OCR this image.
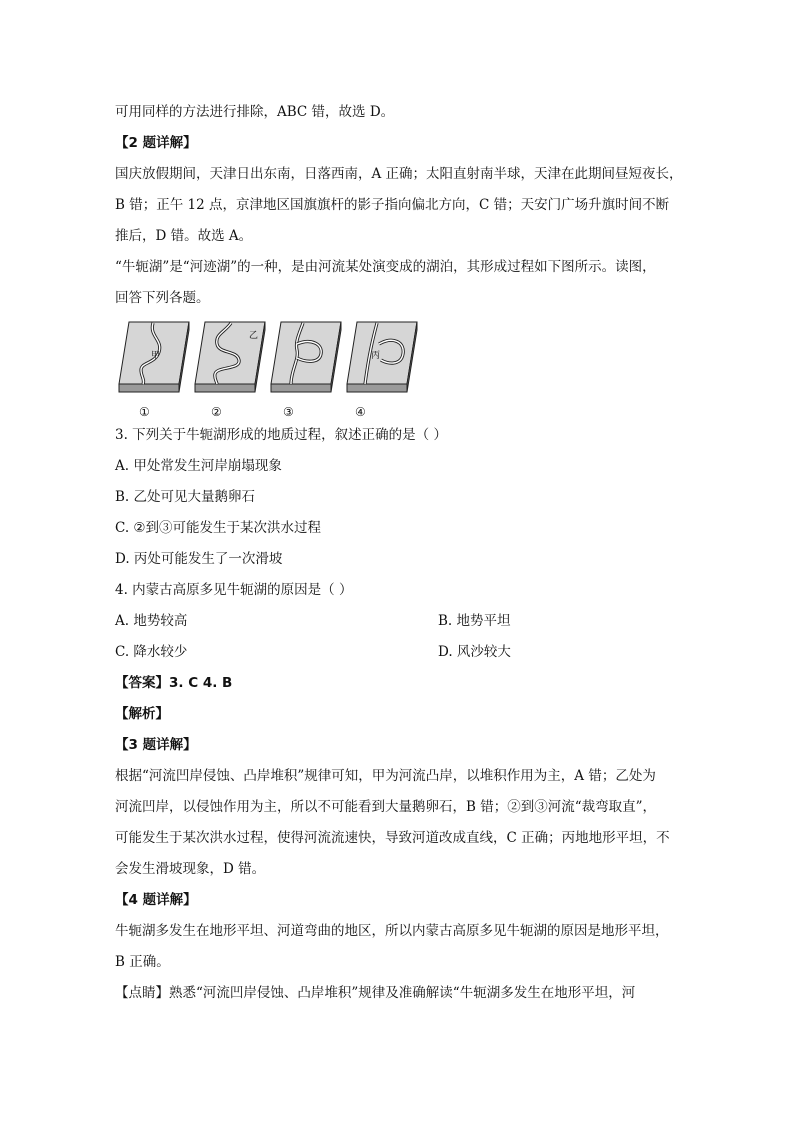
可用同样的方法进行排除，ABC 错，故选 D。
【2 题详解】
国庆放假期间，天津日出东南，日落西南，A 正确；太阳直射南半球，天津在此期间昼短夜长，
B 错；正午 12 点，京津地区国旗旗杆的影子指向偏北方向，C 错；天安门广场升旗时间不断
推后，D 错。故选 A。
“牛轭湖”是“河迹湖”的一种，是由河流某处演变成的湖泊，其形成过程如下图所示。读图，
回答下列各题。
甲
乙
丙
①	②	③	④
3. 下列关于牛轭湖形成的地质过程，叙述正确的是（ ）
A. 甲处常发生河岸崩塌现象
B. 乙处可见大量鹅卵石
C. ②到③可能发生于某次洪水过程
D. 丙处可能发生了一次滑坡
4. 内蒙古高原多见牛轭湖的原因是（ ）
A. 地势较高	B. 地势平坦
C. 降水较少	D. 风沙较大
【答案】3. C 4. B
【解析】
【3 题详解】
根据“河流凹岸侵蚀、凸岸堆积”规律可知，甲为河流凸岸，以堆积作用为主，A 错；乙处为
河流凹岸，以侵蚀作用为主，所以不可能看到大量鹅卵石，B 错；②到③河流“裁弯取直”，
可能发生于某次洪水过程，使得河流流速快，导致河道改成直线，C 正确；丙地地形平坦，不
会发生滑坡现象，D 错。
【4 题详解】
牛轭湖多发生在地形平坦、河道弯曲的地区，所以内蒙古高原多见牛轭湖的原因是地形平坦，
B 正确。
【点睛】熟悉“河流凹岸侵蚀、凸岸堆积”规律及准确解读“牛轭湖多发生在地形平坦，河
